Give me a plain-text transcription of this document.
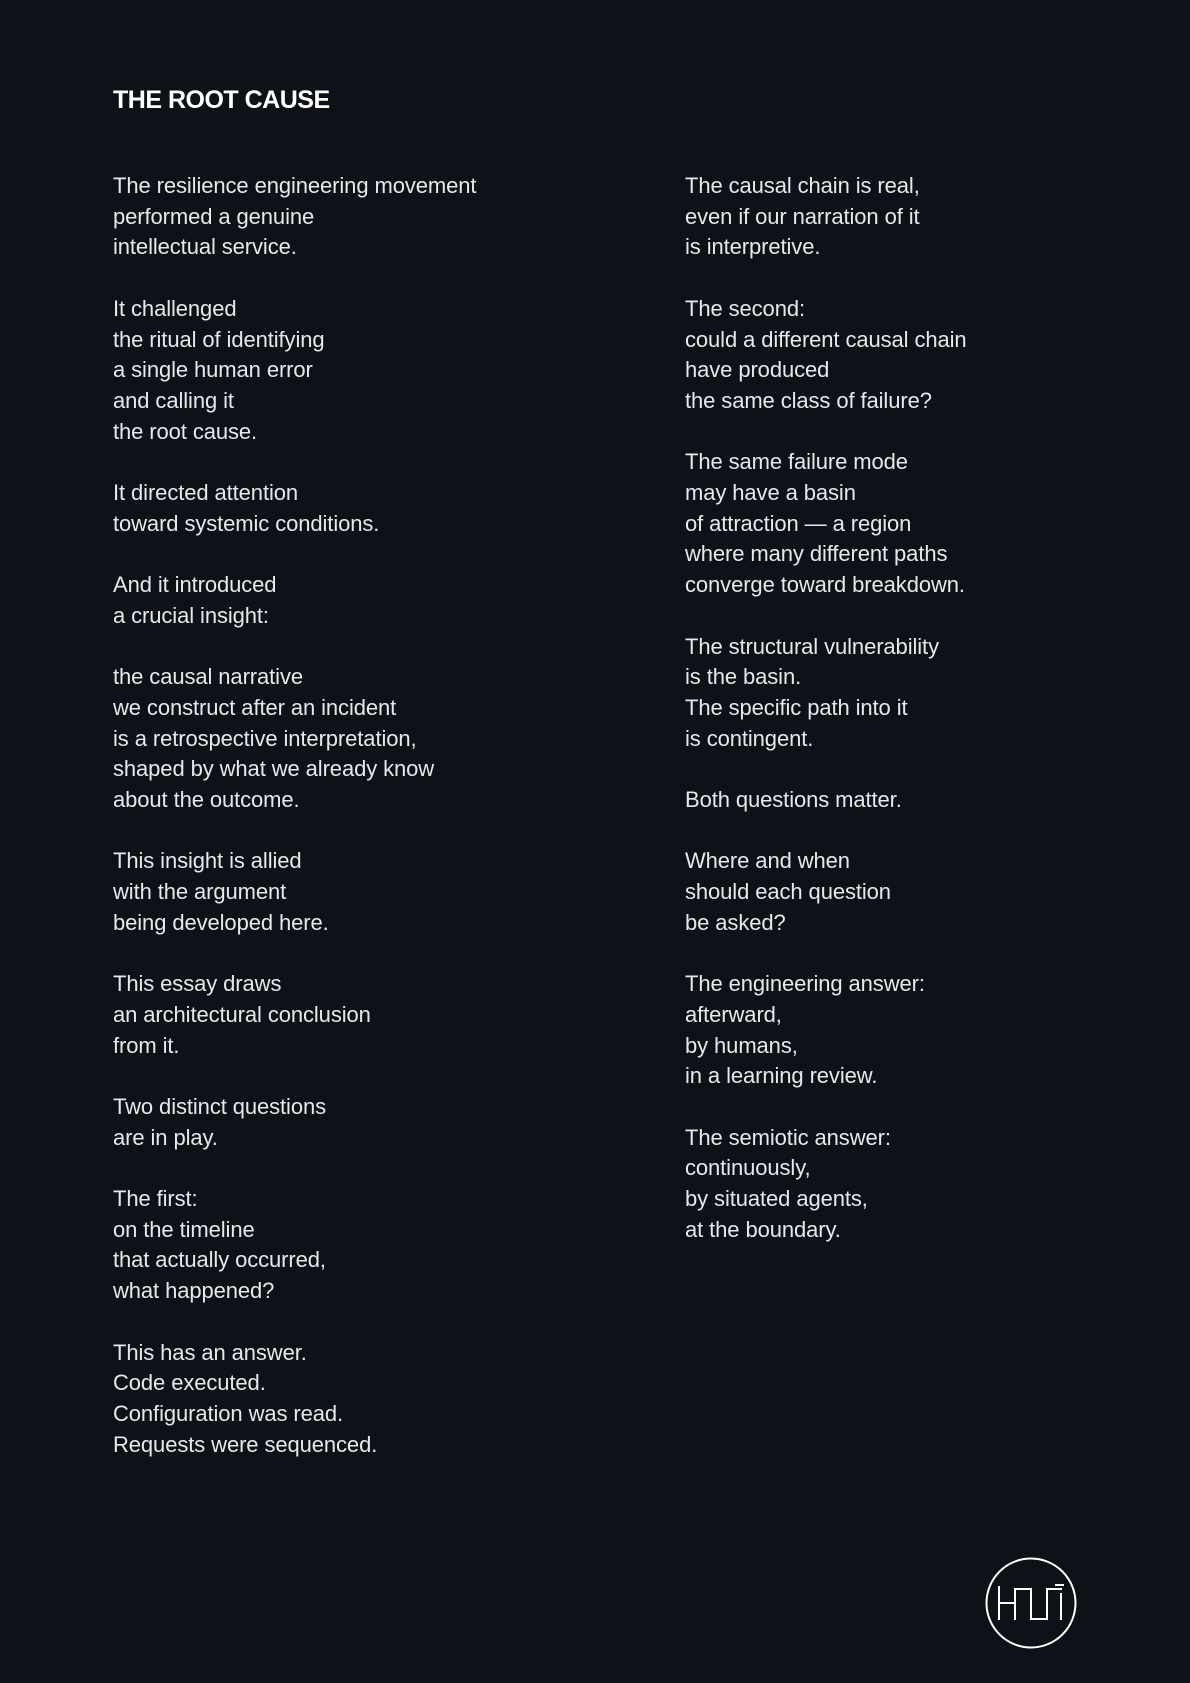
THE ROOT CAUSE

The resilience engineering movement
performed a genuine
intellectual service.

It challenged
the ritual of identifying
a single human error
and calling it
the root cause.

It directed attention
toward systemic conditions.

And it introduced
a crucial insight:

the causal narrative
we construct after an incident
is a retrospective interpretation,
shaped by what we already know
about the outcome.

This insight is allied
with the argument
being developed here.

This essay draws
an architectural conclusion
from it.

Two distinct questions
are in play.

The first:
on the timeline
that actually occurred,
what happened?

This has an answer.
Code executed.
Configuration was read.
Requests were sequenced.

The causal chain is real,
even if our narration of it
is interpretive.

The second:
could a different causal chain
have produced
the same class of failure?

The same failure mode
may have a basin
of attraction — a region
where many different paths
converge toward breakdown.

The structural vulnerability
is the basin.
The specific path into it
is contingent.

Both questions matter.

Where and when
should each question
be asked?

The engineering answer:
afterward,
by humans,
in a learning review.

The semiotic answer:
continuously,
by situated agents,
at the boundary.
